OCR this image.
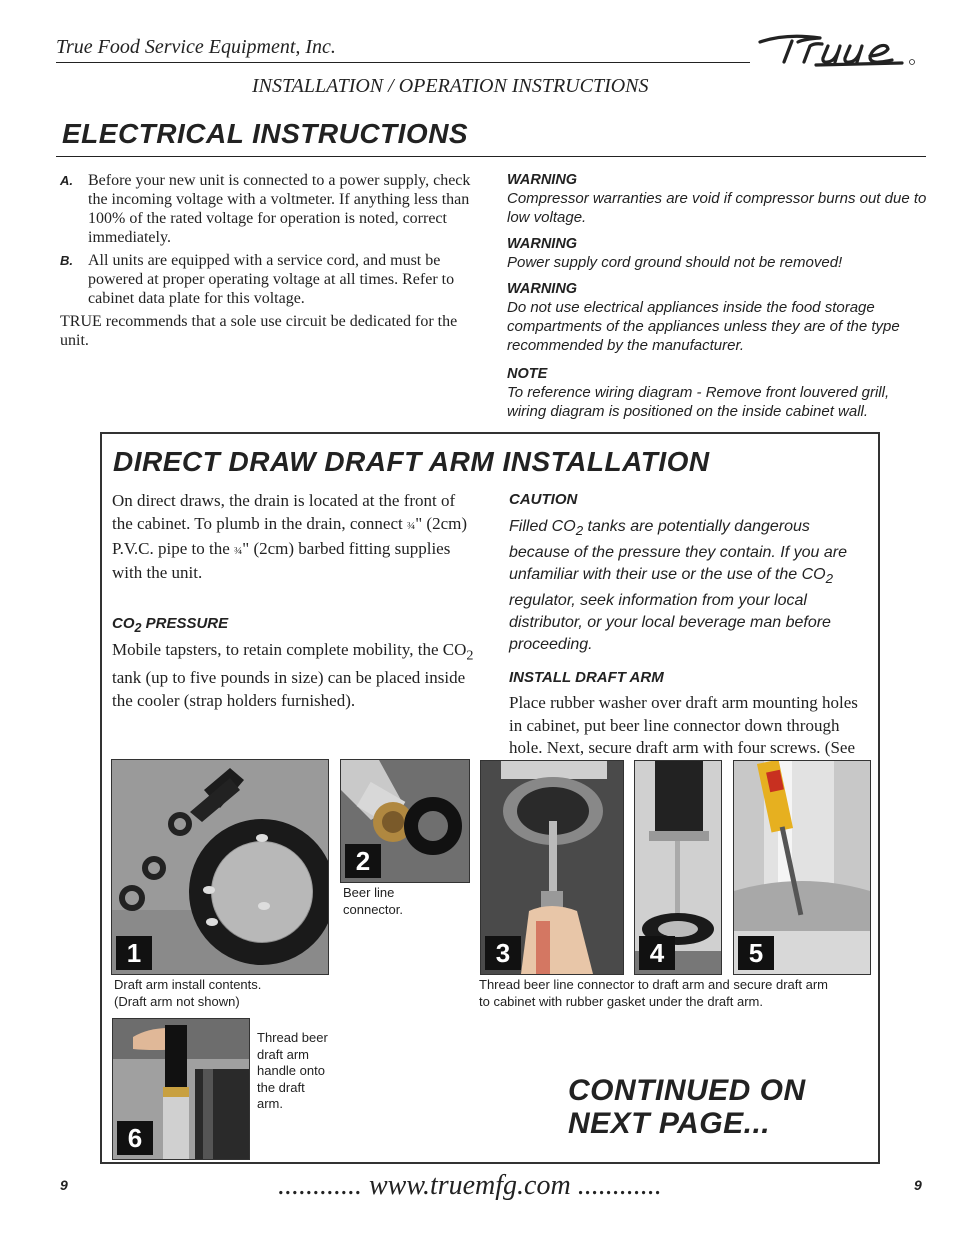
True Food Service Equipment, Inc.
INSTALLATION / OPERATION INSTRUCTIONS
ELECTRICAL INSTRUCTIONS
A. Before your new unit is connected to a power supply, check the incoming voltage with a voltmeter. If anything less than 100% of the rated voltage for operation is noted, correct immediately.
B. All units are equipped with a service cord, and must be powered at proper operating voltage at all times. Refer to cabinet data plate for this voltage.
TRUE recommends that a sole use circuit be dedicated for the unit.
WARNING
Compressor warranties are void if compressor burns out due to low voltage.
WARNING
Power supply cord ground should not be removed!
WARNING
Do not use electrical appliances inside the food storage compartments of the appliances unless they are of the type recommended by the manufacturer.
NOTE
To reference wiring diagram - Remove front louvered grill, wiring diagram is positioned on the inside cabinet wall.
DIRECT DRAW DRAFT ARM INSTALLATION
On direct draws, the drain is located at the front of the cabinet. To plumb in the drain, connect ¾" (2cm) P.V.C. pipe to the ¾" (2cm) barbed fitting supplies with the unit.
$CO_2$ PRESSURE
Mobile tapsters, to retain complete mobility, the $CO_2$ tank (up to five pounds in size) can be placed inside the cooler (strap holders furnished).
CAUTION
Filled $CO_2$ tanks are potentially dangerous because of the pressure they contain. If you are unfamiliar with their use or the use of the $CO_2$ regulator, seek information from your local distributor, or your local beverage man before proceeding.
INSTALL DRAFT ARM
Place rubber washer over draft arm mounting holes in cabinet, put beer line connector down through hole. Next, secure draft arm with four screws. (See
1
Draft arm install contents.
(Draft arm not shown)
2
Beer line
connector.
3	4	5
Thread beer line connector to draft arm and secure draft arm
to cabinet with rubber gasket under the draft arm.
6
Thread beer
draft arm
handle onto
the draft
arm.	CONTINUED ON
NEXT PAGE...
9	............ www.truemfg.com ............	9
